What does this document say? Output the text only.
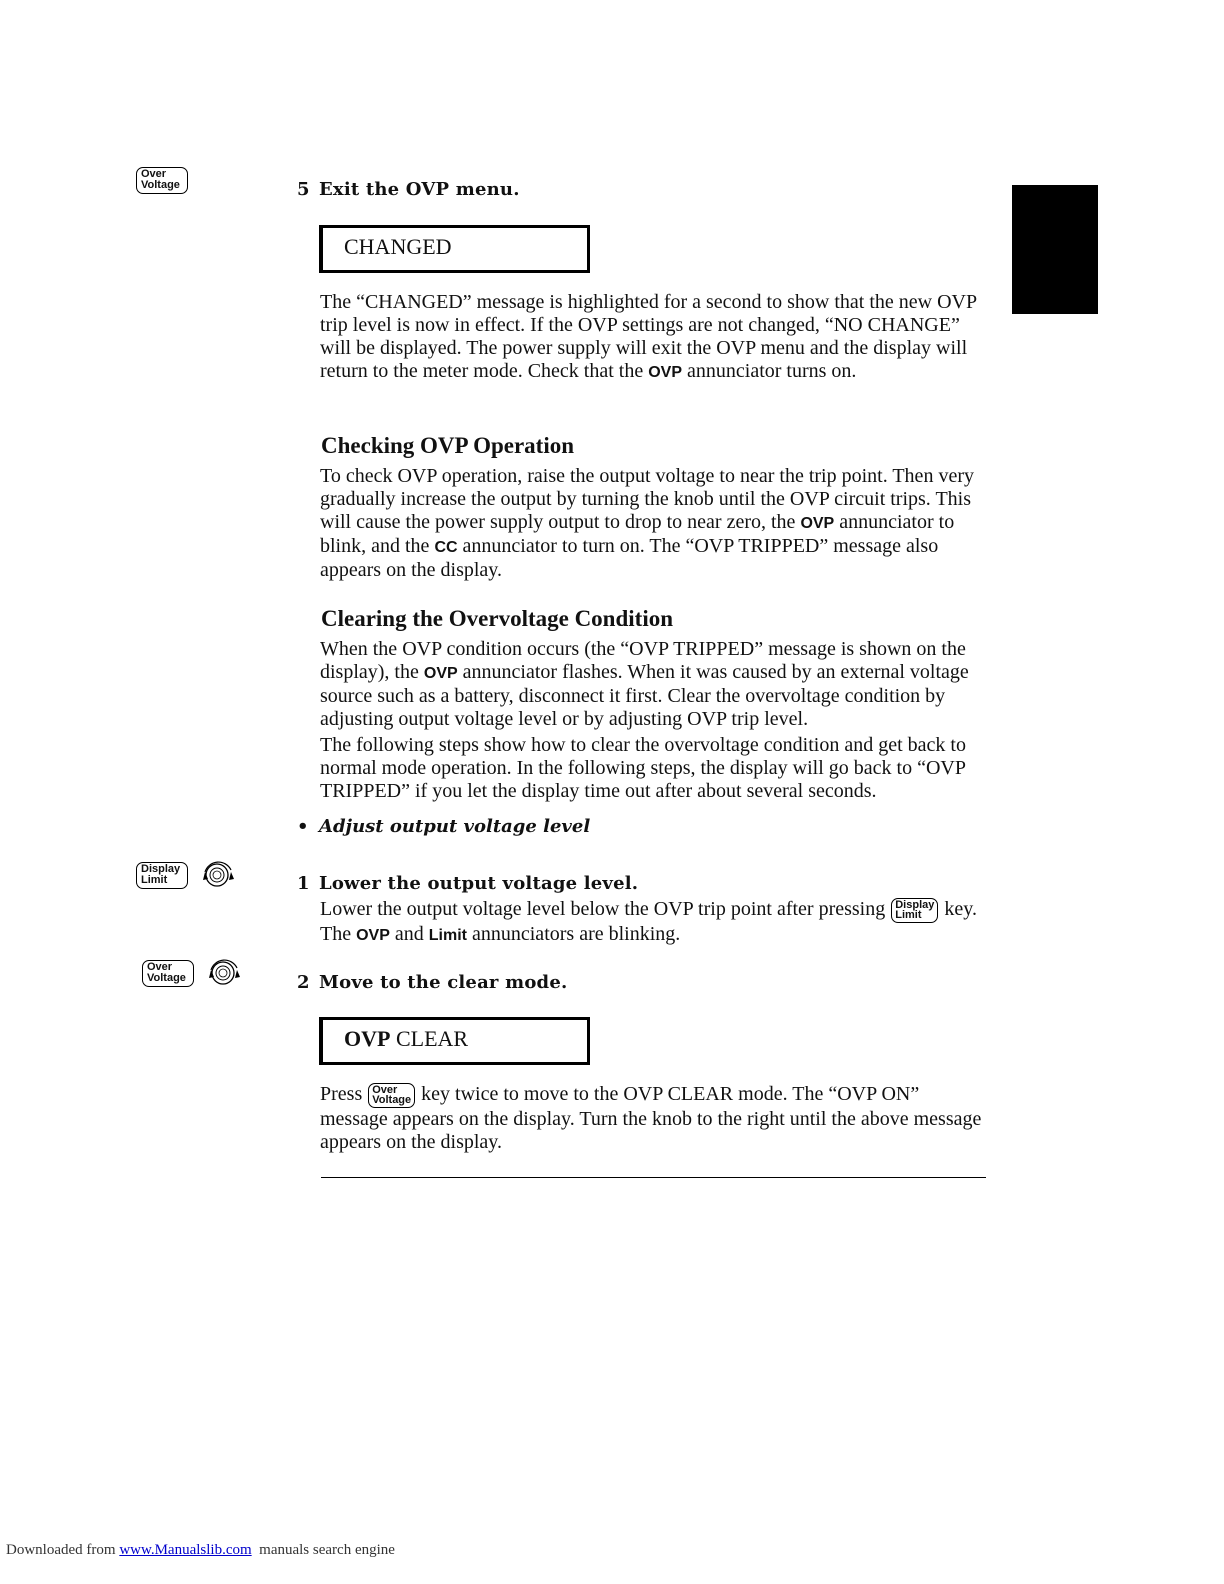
Over
Voltage	5 Exit the OVP menu.
CHANGED
The “CHANGED” message is highlighted for a second to show that the new OVP trip level is now in effect. If the OVP settings are not changed, “NO CHANGE” will be displayed. The power supply will exit the OVP menu and the display will return to the meter mode. Check that the OVP annunciator turns on.
Checking OVP Operation
To check OVP operation, raise the output voltage to near the trip point. Then very gradually increase the output by turning the knob until the OVP circuit trips. This will cause the power supply output to drop to near zero, the OVP annunciator to blink, and the CC annunciator to turn on. The “OVP TRIPPED” message also appears on the display.
Clearing the Overvoltage Condition
When the OVP condition occurs (the “OVP TRIPPED” message is shown on the display), the OVP annunciator flashes. When it was caused by an external voltage source such as a battery, disconnect it first. Clear the overvoltage condition by adjusting output voltage level or by adjusting OVP trip level.
The following steps show how to clear the overvoltage condition and get back to normal mode operation. In the following steps, the display will go back to “OVP TRIPPED” if you let the display time out after about several seconds.
• Adjust output voltage level
Display
Limit
	1 Lower the output voltage level.
Lower the output voltage level below the OVP trip point after pressing Display
Limit key. The OVP and Limit annunciators are blinking.
Over
Voltage
	2 Move to the clear mode.
OVP CLEAR
Press Over
Voltage key twice to move to the OVP CLEAR mode. The “OVP ON” message appears on the display. Turn the knob to the right until the above message appears on the display.
Downloaded from www.Manualslib.com  manuals search engine
